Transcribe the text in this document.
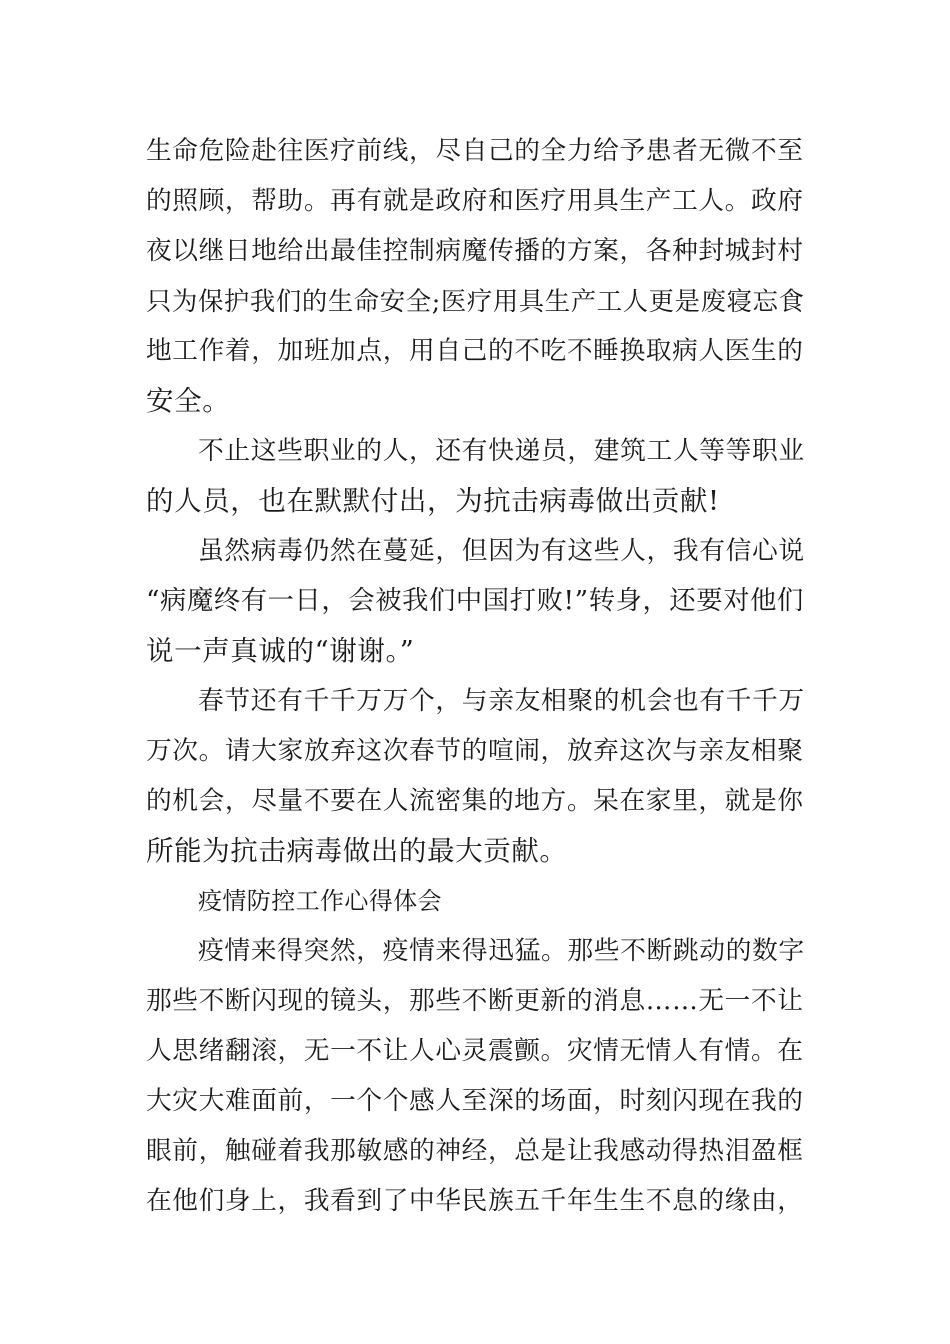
生命危险赴往医疗前线，尽自己的全力给予患者无微不至
的照顾，帮助。再有就是政府和医疗用具生产工人。政府
夜以继日地给出最佳控制病魔传播的方案，各种封城封村
只为保护我们的生命安全;医疗用具生产工人更是废寝忘食
地工作着，加班加点，用自己的不吃不睡换取病人医生的
安全。
不止这些职业的人，还有快递员，建筑工人等等职业
的人员，也在默默付出，为抗击病毒做出贡献!
虽然病毒仍然在蔓延，但因为有这些人，我有信心说
“病魔终有一日，会被我们中国打败!”转身，还要对他们
说一声真诚的“谢谢。”
春节还有千千万万个，与亲友相聚的机会也有千千万
万次。请大家放弃这次春节的喧闹，放弃这次与亲友相聚
的机会，尽量不要在人流密集的地方。呆在家里，就是你
所能为抗击病毒做出的最大贡献。
疫情防控工作心得体会
疫情来得突然，疫情来得迅猛。那些不断跳动的数字
那些不断闪现的镜头，那些不断更新的消息……无一不让
人思绪翻滚，无一不让人心灵震颤。灾情无情人有情。在
大灾大难面前，一个个感人至深的场面，时刻闪现在我的
眼前，触碰着我那敏感的神经，总是让我感动得热泪盈框
在他们身上，我看到了中华民族五千年生生不息的缘由，
